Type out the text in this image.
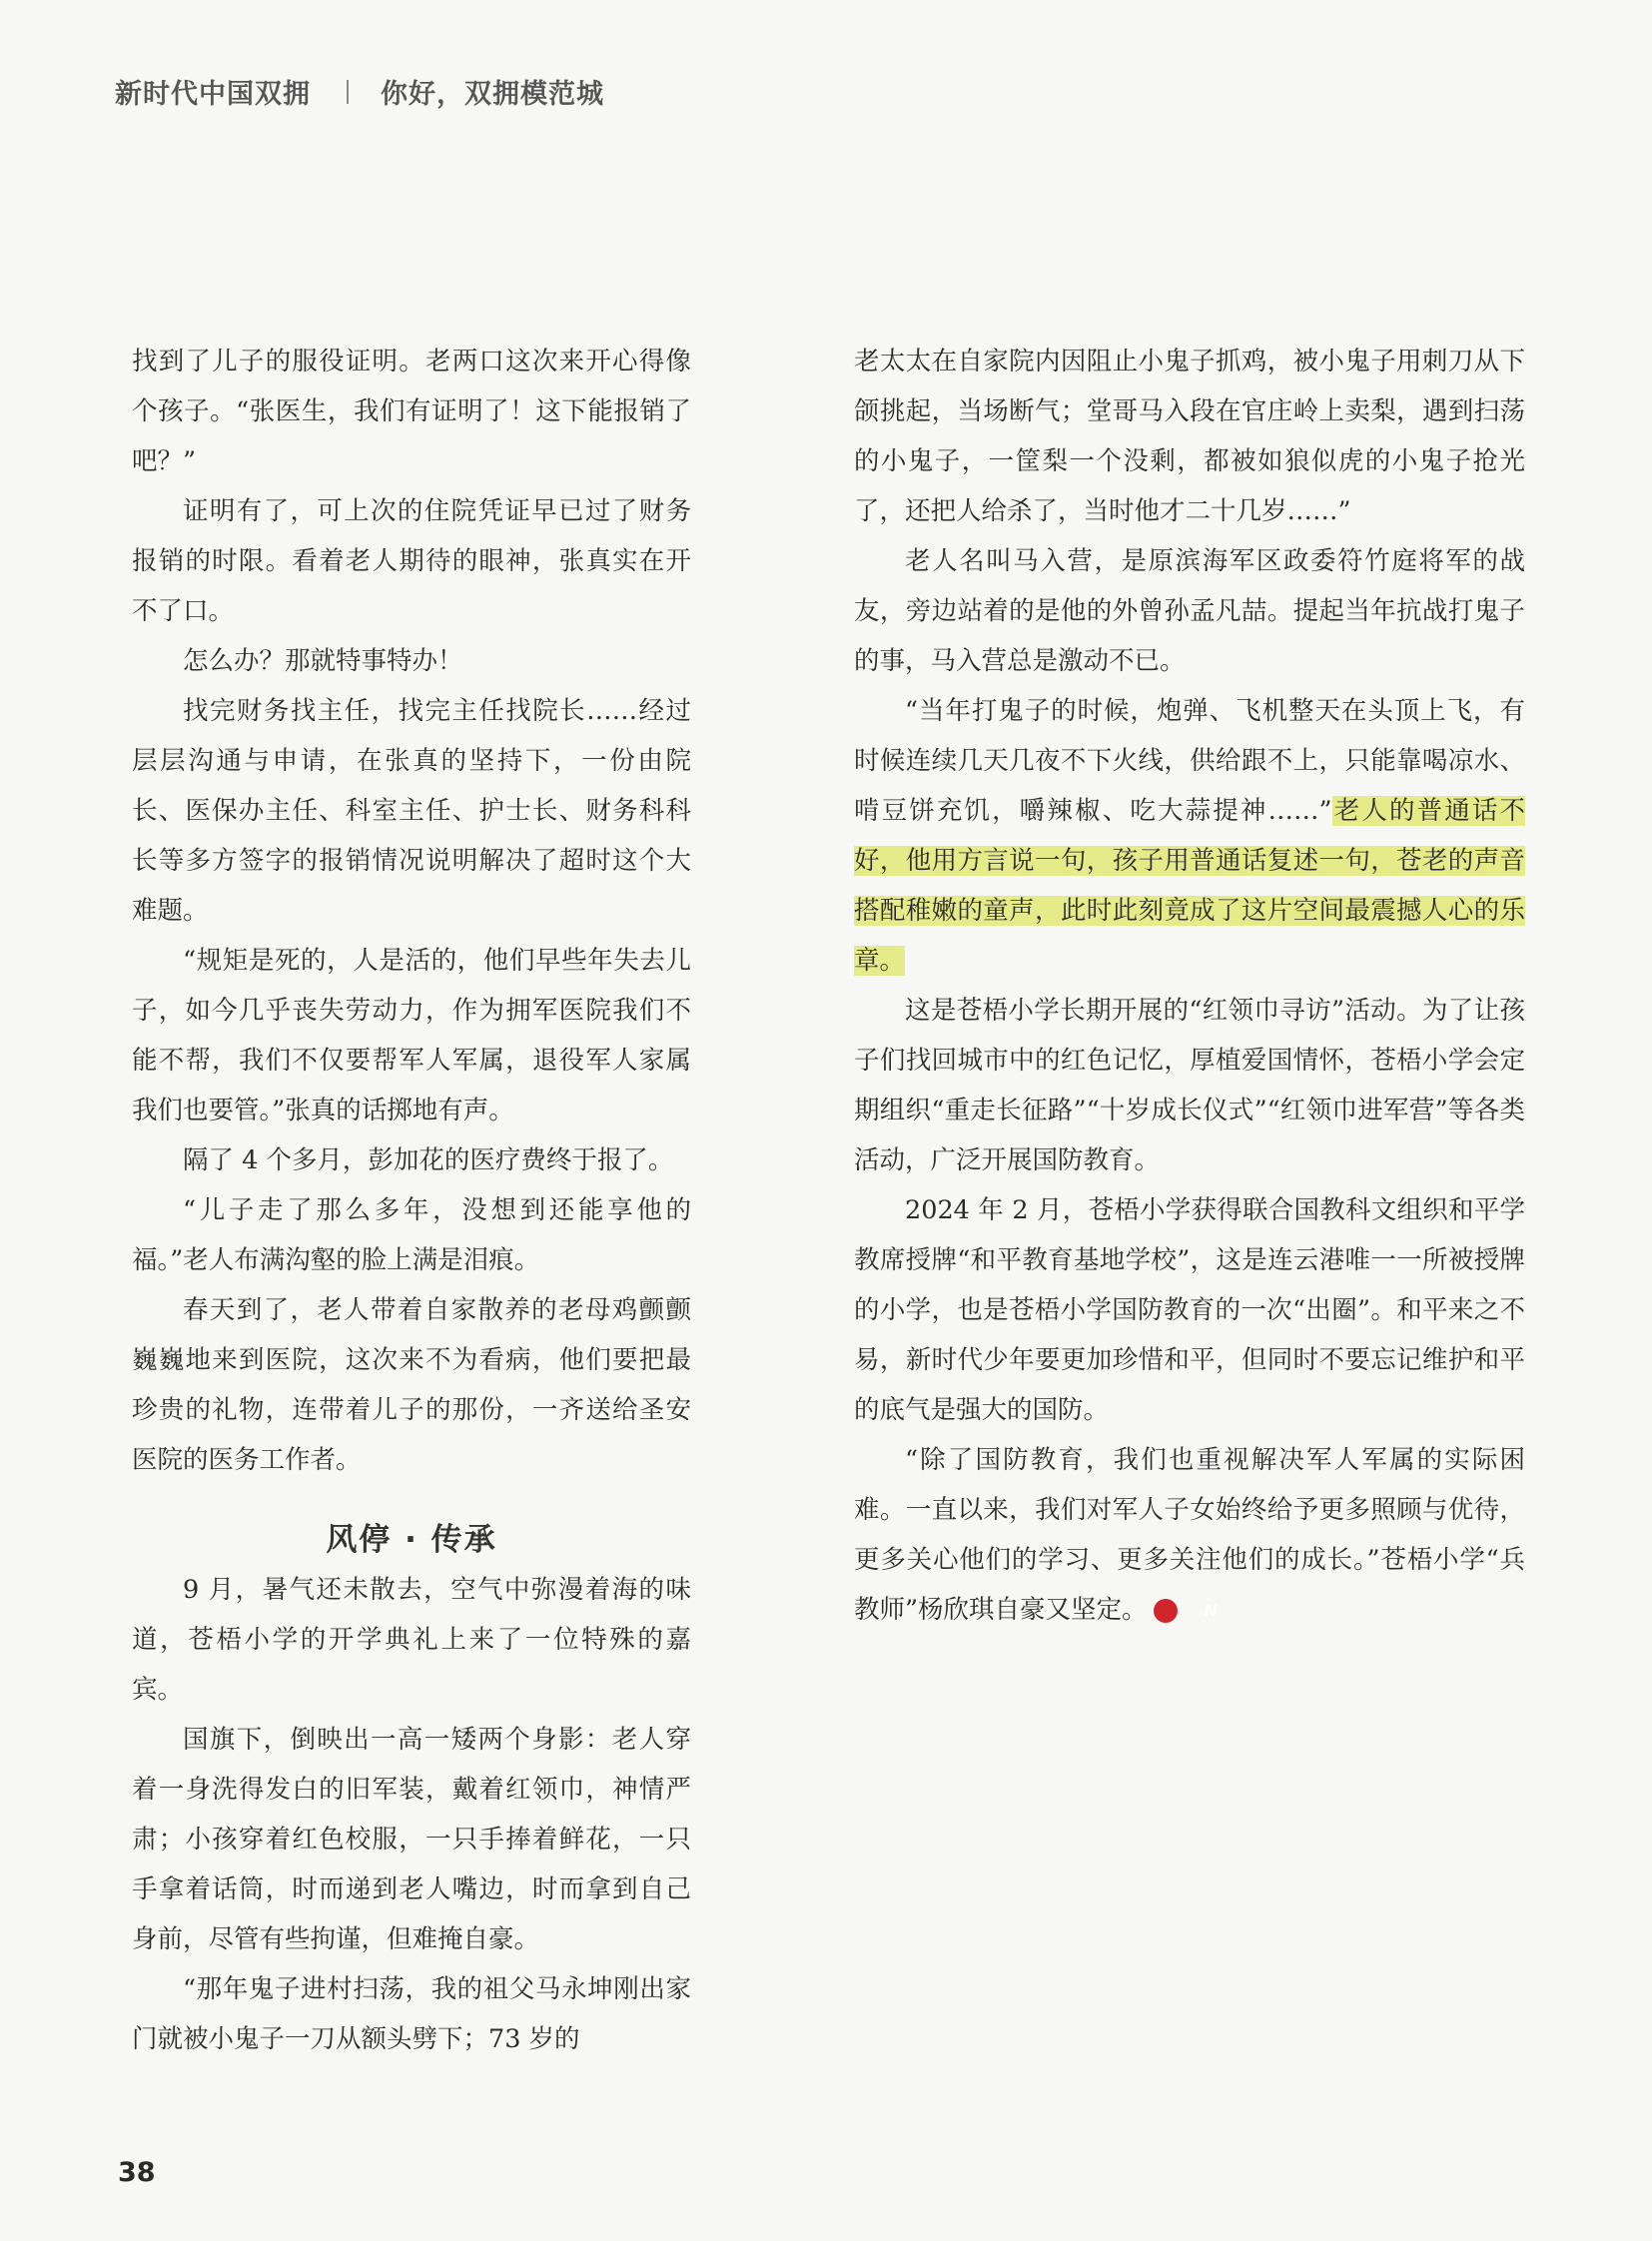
新时代中国双拥	你好，双拥模范城

找到了儿子的服役证明。老两口这次来开心得像个孩子。“张医生，我们有证明了！这下能报销了吧？”

证明有了，可上次的住院凭证早已过了财务报销的时限。看着老人期待的眼神，张真实在开不了口。

怎么办？那就特事特办！

找完财务找主任，找完主任找院长……经过层层沟通与申请，在张真的坚持下，一份由院长、医保办主任、科室主任、护士长、财务科科长等多方签字的报销情况说明解决了超时这个大难题。

“规矩是死的，人是活的，他们早些年失去儿子，如今几乎丧失劳动力，作为拥军医院我们不能不帮，我们不仅要帮军人军属，退役军人家属我们也要管。”张真的话掷地有声。

隔了 4 个多月，彭加花的医疗费终于报了。

“儿子走了那么多年，没想到还能享他的福。”老人布满沟壑的脸上满是泪痕。

春天到了，老人带着自家散养的老母鸡颤颤巍巍地来到医院，这次来不为看病，他们要把最珍贵的礼物，连带着儿子的那份，一齐送给圣安医院的医务工作者。

风停 · 传承

9 月，暑气还未散去，空气中弥漫着海的味道，苍梧小学的开学典礼上来了一位特殊的嘉宾。

国旗下，倒映出一高一矮两个身影：老人穿着一身洗得发白的旧军装，戴着红领巾，神情严肃；小孩穿着红色校服，一只手捧着鲜花，一只手拿着话筒，时而递到老人嘴边，时而拿到自己身前，尽管有些拘谨，但难掩自豪。

“那年鬼子进村扫荡，我的祖父马永坤刚出家门就被小鬼子一刀从额头劈下；73 岁的

老太太在自家院内因阻止小鬼子抓鸡，被小鬼子用刺刀从下颌挑起，当场断气；堂哥马入段在官庄岭上卖梨，遇到扫荡的小鬼子，一筐梨一个没剩，都被如狼似虎的小鬼子抢光了，还把人给杀了，当时他才二十几岁……”

老人名叫马入营，是原滨海军区政委符竹庭将军的战友，旁边站着的是他的外曾孙孟凡喆。提起当年抗战打鬼子的事，马入营总是激动不已。

“当年打鬼子的时候，炮弹、飞机整天在头顶上飞，有时候连续几天几夜不下火线，供给跟不上，只能靠喝凉水、啃豆饼充饥，嚼辣椒、吃大蒜提神……”老人的普通话不好，他用方言说一句，孩子用普通话复述一句，苍老的声音搭配稚嫩的童声，此时此刻竟成了这片空间最震撼人心的乐章。

这是苍梧小学长期开展的“红领巾寻访”活动。为了让孩子们找回城市中的红色记忆，厚植爱国情怀，苍梧小学会定期组织“重走长征路”“十岁成长仪式”“红领巾进军营”等各类活动，广泛开展国防教育。

2024 年 2 月，苍梧小学获得联合国教科文组织和平学教席授牌“和平教育基地学校”，这是连云港唯一一所被授牌的小学，也是苍梧小学国防教育的一次“出圈”。和平来之不易，新时代少年要更加珍惜和平，但同时不要忘记维护和平的底气是强大的国防。

“除了国防教育，我们也重视解决军人军属的实际困难。一直以来，我们对军人子女始终给予更多照顾与优待，更多关心他们的学习、更多关注他们的成长。”苍梧小学“兵教师”杨欣琪自豪又坚定。	N

38
